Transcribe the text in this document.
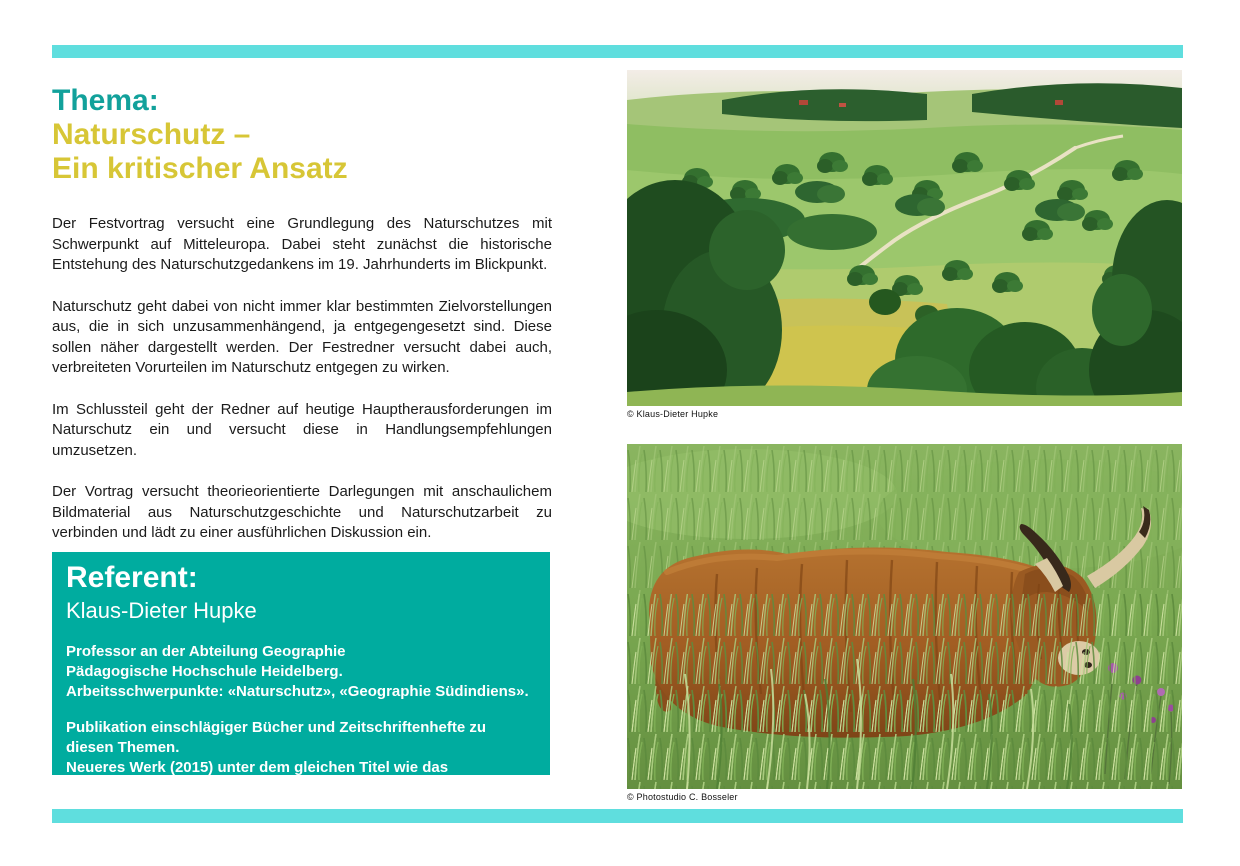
Thema:
Naturschutz –
Ein kritischer Ansatz

Der Festvortrag versucht eine Grundlegung des Naturschutzes mit Schwerpunkt auf Mitteleuropa. Dabei steht zunächst die historische Entstehung des Naturschutzgedankens im 19. Jahrhunderts im Blickpunkt.

Naturschutz geht dabei von nicht immer klar bestimmten Zielvorstellungen aus, die in sich unzusammenhängend, ja entgegengesetzt sind. Diese sollen näher dargestellt werden. Der Festredner versucht dabei auch, verbreiteten Vorurteilen im Naturschutz entgegen zu wirken.

Im Schlussteil geht der Redner auf heutige Hauptherausforderungen im Naturschutz ein und versucht diese in Handlungsempfehlungen umzusetzen.

Der Vortrag versucht theorieorientierte Darlegungen mit anschaulichem Bildmaterial aus Naturschutzgeschichte und Naturschutzarbeit zu verbinden und lädt zu einer ausführlichen Diskussion ein.

Referent:
Klaus-Dieter Hupke
Professor an der Abteilung Geographie
Pädagogische Hochschule Heidelberg.
Arbeitsschwerpunkte: «Naturschutz», «Geographie Südindiens».
Publikation einschlägiger Bücher und Zeitschriftenhefte zu diesen Themen.
Neueres Werk (2015) unter dem gleichen Titel wie das Vortragsthema.
© Klaus-Dieter Hupke
© Photostudio C. Bosseler
